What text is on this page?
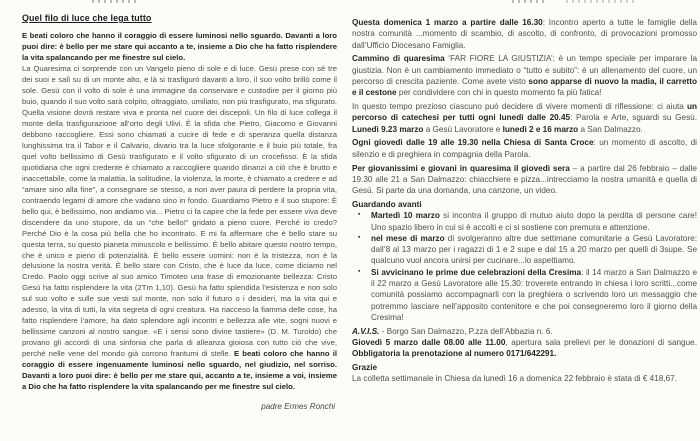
Quel filo di luce che lega tutto

E beati coloro che hanno il coraggio di essere luminosi nello sguardo. Davanti a loro puoi dire: è bello per me stare qui accanto a te, insieme a Dio che ha fatto risplendere la vita spalancando per me finestre sul cielo.

La Quaresima ci sorprende con un Vangelo pieno di sole e di luce. Gesù prese con sé tre dei suoi e salì su di un monte alto, e là si trasfigurò davanti a loro, il suo volto brillò come il sole. Gesù con il volto di sole è una immagine da conservare e custodire per il giorno più buio, quando il suo volto sarà colpito, oltraggiato, umiliato, non più trasfigurato, ma sfigurato. Quella visione dovrà restare viva e pronta nel cuore dei discepoli. Un filo di luce collega il monte della trasfigurazione all’orto degli Ulivi. È la sfida che Pietro, Giacomo e Giovanni debbono raccogliere. Essi sono chiamati a cucire di fede e di speranza quella distanza lunghissima tra il Tabor e il Calvario, divario tra la luce sfolgorante e il buio più totale, fra quel volto bellissimo di Gesù trasfigurato e il volto sfigurato di un crocefisso. È la sfida quotidiana che ogni credente è chiamato a raccogliere quando dinanzi a ciò che è brutto e inaccettabile, come la malattia, la solitudine, la violenza, la morte, è chiamato a credere e ad “amare sino alla fine”, a consegnare se stesso, a non aver paura di perdere la propria vita, contraendo legami di amore che vadano sino in fondo. Guardiamo Pietro e il suo stupore: È bello qui, è bellissimo, non andiamo via... Pietro ci fa capire che la fede per essere viva deve discendere da uno stupore, da un “che bello!” gridato a pieno cuore. Perché io credo? Perché Dio è la cosa più bella che ho incontrato. E mi fa affermare che è bello stare su questa terra, su questo pianeta minuscolo e bellissimo. È bello abitare questo nostro tempo, che è unico e pieno di potenzialità. È bello essere uomini: non è la tristezza, non è la delusione la nostra verità. È bello stare con Cristo, che è luce da luce, come diciamo nel Credo. Paolo oggi scrive al suo amico Timoteo una frase di emozionante bellezza: Cristo Gesù ha fatto risplendere la vita (2Tm 1,10). Gesù ha fatto splendida l’esistenza e non solo sul suo volto e sulle sue vesti sul monte, non solo il futuro o i desideri, ma la vita qui e adesso, la vita di tutti, la vita segreta di ogni creatura. Ha riacceso la fiamma delle cose, ha fatto risplendere l’amore, ha dato splendore agli incontri e bellezza alle vite, sogni nuovi e bellissime canzoni al nostro sangue. «E i sensi sono divine tastiere» (D. M. Turoldo) che provano gli accordi di una sinfonia che parla di alleanza gioiosa con tutto ciò che vive, perché nelle vene del mondo già corrono frantumi di stelle. E beati coloro che hanno il coraggio di essere ingenuamente luminosi nello sguardo, nel giudizio, nel sorriso. Davanti a loro puoi dire: è bello per me stare qui, accanto a te, insieme a voi, insieme a Dio che ha fatto risplendere la vita spalancando per me finestre sul cielo.

padre Ermes Ronchi

Questa domenica 1 marzo a partire dalle 16.30: Incontro aperto a tutte le famiglie della nostra comunità ...momento di scambio, di ascolto, di confronto, di provocazioni promosso dall’Ufficio Diocesano Famiglia.

Cammino di quaresima ‘FAR FIORE LA GIUSTIZIA’: è un tempo speciale per imparare la giustizia. Non è un cambiamento immediato o “tutto e subito”: è un allenamento del cuore, un percorso di crescita paziente. Come avete visto sono apparse di nuovo la madia, il carretto e il cestone per condividere con chi in questo momento fa più fatica!

In questo tempo prezioso ciascuno può decidere di vivere momenti di riflessione: ci aiuta un percorso di catechesi per tutti ogni lunedì dalle 20.45: Parola e Arte, sguardi su Gesù. Lunedì 9.23 marzo a Gesù Lavoratore e lunedì 2 e 16 marzo a San Dalmazzo.

Ogni giovedì dalle 19 alle 19.30 nella Chiesa di Santa Croce: un momento di ascolto, di silenzio e di preghiera in compagnia della Parola.

Per giovanissimi e giovani in quaresima il giovedì sera – a partire dal 26 febbraio – dalle 19.30 alle 21 a San Dalmazzo: chiacchiere e pizza...intrecciamo la nostra umanità e quella di Gesù. Si parte da una domanda, una canzone, un video.

Guardando avanti

▪ Martedì 10 marzo si incontra il gruppo di mutuo aiuto dopo la perdita di persone care! Uno spazio libero in cui si è accolti e ci si sostiene con premura e attenzione.
▪ nel mese di marzo di svolgeranno altre due settimane comunitarie a Gesù Lavoratore: dall’8 al 13 marzo per i ragazzi di 1 e 2 supe e dal 15 a 20 marzo per quelli di 3supe. Se qualcuno vuol ancora unirsi per cucinare...lo aspettiamo.
▪ Si avvicinano le prime due celebrazioni della Cresima: il 14 marzo a San Dalmazzo e il 22 marzo a Gesù Lavoratore alle 15.30: troverete entrando in chiesa i loro scritti...come comunità possiamo accompagnarli con la preghiera o scrivendo loro un messaggio che potremmo lasciare nell’apposito contenitore e che poi consegneremo loro il giorno della Cresima!

A.V.I.S. - Borgo San Dalmazzo, P.zza dell’Abbazia n. 6.
Giovedì 5 marzo dalle 08.00 alle 11.00, apertura sala prelievi per le donazioni di sangue. Obbligatoria la prenotazione al numero 0171/642291.

Grazie
La colletta settimanale in Chiesa da lunedì 16 a domenica 22 febbraio è stata di € 418,67.
